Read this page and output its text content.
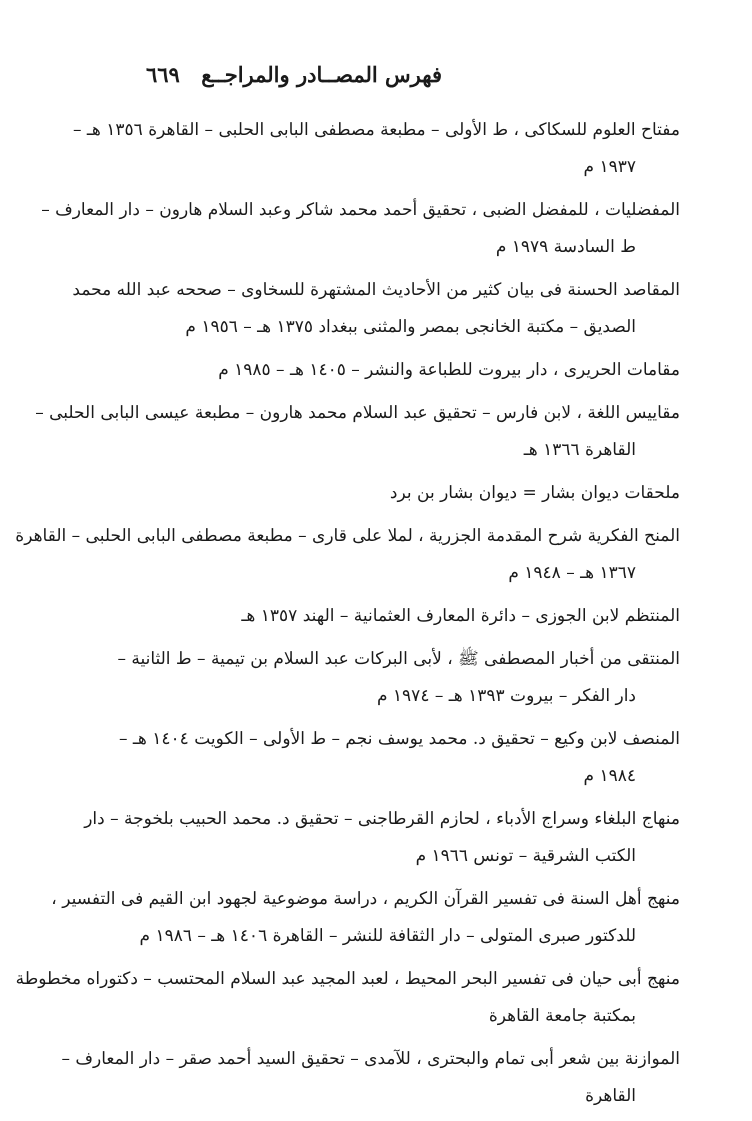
فهرس المصــادر والمراجــع
٦٦٩
مفتاح العلوم للسكاكى ، ط الأولى – مطبعة مصطفى البابى الحلبى – القاهرة ١٣٥٦ هـ –
١٩٣٧ م
المفضليات ، للمفضل الضبى ، تحقيق أحمد محمد شاكر وعبد السلام هارون – دار المعارف –
ط السادسة ١٩٧٩ م
المقاصد الحسنة فى بيان كثير من الأحاديث المشتهرة للسخاوى – صححه عبد الله محمد
الصديق – مكتبة الخانجى بمصر والمثنى ببغداد ١٣٧٥ هـ – ١٩٥٦ م
مقامات الحريرى ، دار بيروت للطباعة والنشر – ١٤٠٥ هـ – ١٩٨٥ م
مقاييس اللغة ، لابن فارس – تحقيق عبد السلام محمد هارون – مطبعة عيسى البابى الحلبى –
القاهرة ١٣٦٦ هـ
ملحقات ديوان بشار = ديوان بشار بن برد
المنح الفكرية شرح المقدمة الجزرية ، لملا على قارى – مطبعة مصطفى البابى الحلبى – القاهرة
١٣٦٧ هـ – ١٩٤٨ م
المنتظم لابن الجوزى – دائرة المعارف العثمانية – الهند ١٣٥٧ هـ
المنتقى من أخبار المصطفى ﷺ ، لأبى البركات عبد السلام بن تيمية – ط الثانية –
دار الفكر – بيروت ١٣٩٣ هـ – ١٩٧٤ م
المنصف لابن وكيع – تحقيق د. محمد يوسف نجم – ط الأولى – الكويت ١٤٠٤ هـ –
١٩٨٤ م
منهاج البلغاء وسراج الأدباء ، لحازم القرطاجنى – تحقيق د. محمد الحبيب بلخوجة – دار
الكتب الشرقية – تونس ١٩٦٦ م
منهج أهل السنة فى تفسير القرآن الكريم ، دراسة موضوعية لجهود ابن القيم فى التفسير ،
للدكتور صبرى المتولى – دار الثقافة للنشر – القاهرة ١٤٠٦ هـ – ١٩٨٦ م
منهج أبى حيان فى تفسير البحر المحيط ، لعبد المجيد عبد السلام المحتسب – دكتوراه مخطوطة
بمكتبة جامعة القاهرة
الموازنة بين شعر أبى تمام والبحترى ، للآمدى – تحقيق السيد أحمد صقر – دار المعارف –
القاهرة
